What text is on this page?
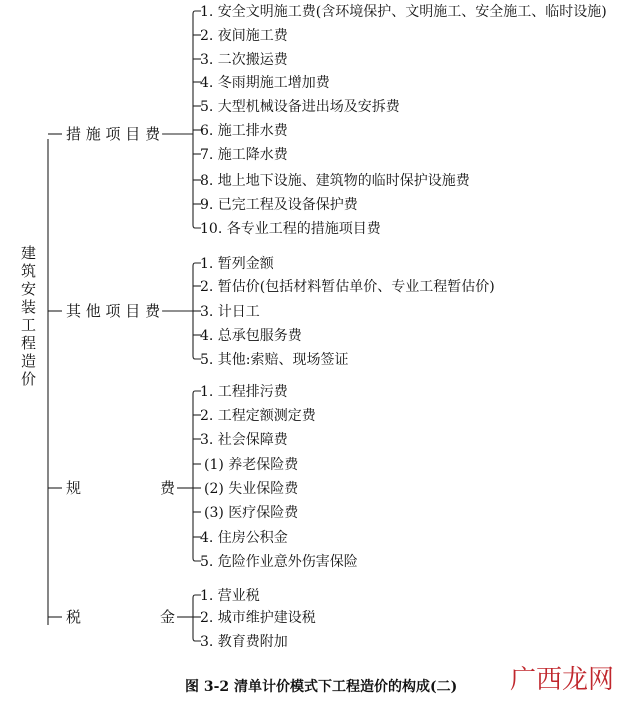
建
筑
安
装
工
程
造
价
措 施 项 目 费
1. 安全文明施工费(含环境保护、文明施工、安全施工、临时设施)
2. 夜间施工费
3. 二次搬运费
4. 冬雨期施工增加费
5. 大型机械设备进出场及安拆费
6. 施工排水费
7. 施工降水费
8. 地上地下设施、建筑物的临时保护设施费
9. 已完工程及设备保护费
10. 各专业工程的措施项目费
其 他 项 目 费
1. 暂列金额
2. 暂估价(包括材料暂估单价、专业工程暂估价)
3. 计日工
4. 总承包服务费
5. 其他:索赔、现场签证
规	费
1. 工程排污费
2. 工程定额测定费
3. 社会保障费
(1) 养老保险费
(2) 失业保险费
(3) 医疗保险费
4. 住房公积金
5. 危险作业意外伤害保险
税	金
1. 营业税
2. 城市维护建设税
3. 教育费附加
图 3-2 清单计价模式下工程造价的构成(二) 广西龙网
